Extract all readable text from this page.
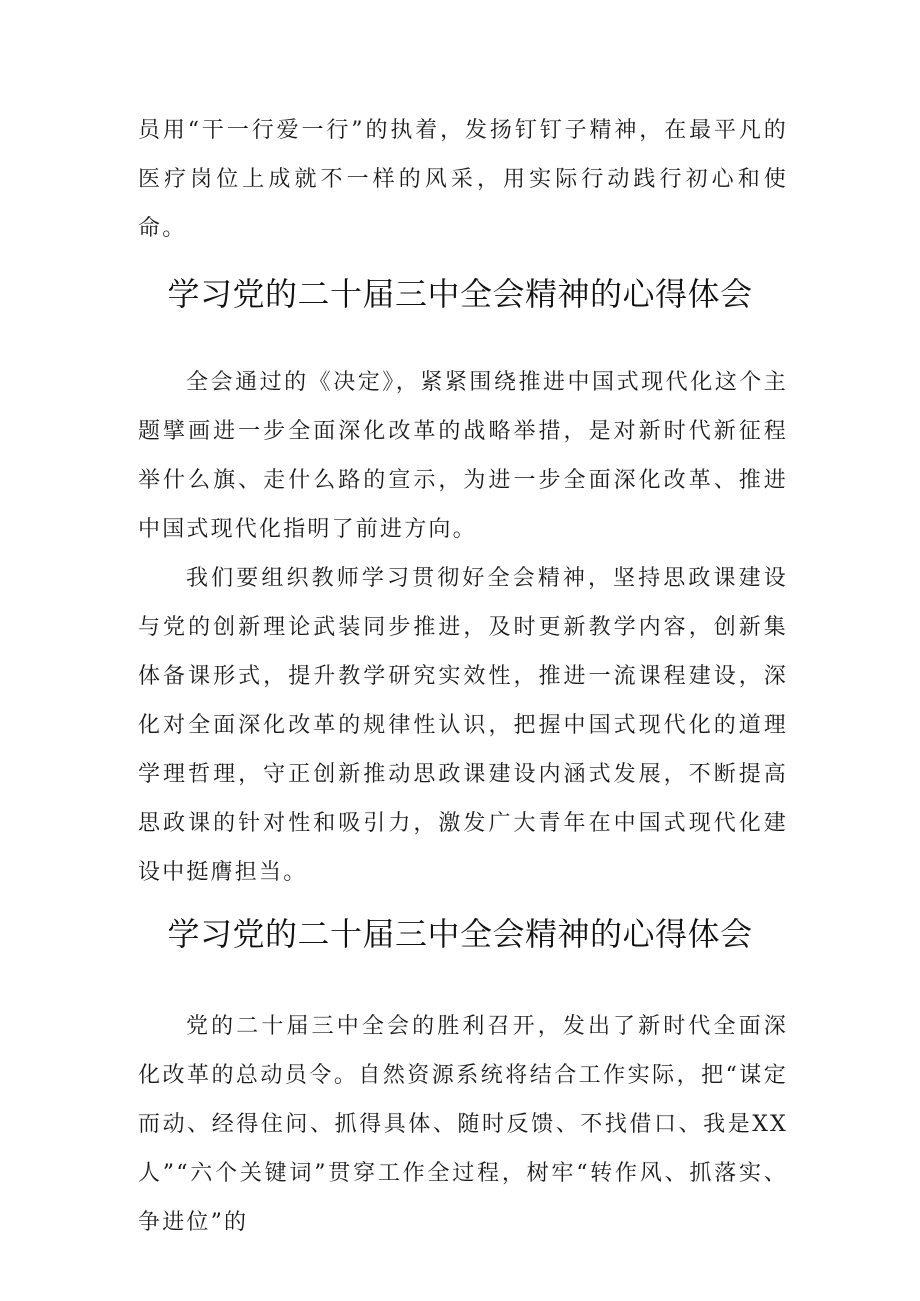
员用“干一行爱一行”的执着，发扬钉钉子精神，在最平凡的医疗岗位上成就不一样的风采，用实际行动践行初心和使命。

学习党的二十届三中全会精神的心得体会

全会通过的《决定》，紧紧围绕推进中国式现代化这个主题擘画进一步全面深化改革的战略举措，是对新时代新征程举什么旗、走什么路的宣示，为进一步全面深化改革、推进中国式现代化指明了前进方向。

我们要组织教师学习贯彻好全会精神，坚持思政课建设与党的创新理论武装同步推进，及时更新教学内容，创新集体备课形式，提升教学研究实效性，推进一流课程建设，深化对全面深化改革的规律性认识，把握中国式现代化的道理学理哲理，守正创新推动思政课建设内涵式发展，不断提高思政课的针对性和吸引力，激发广大青年在中国式现代化建设中挺膺担当。

学习党的二十届三中全会精神的心得体会

党的二十届三中全会的胜利召开，发出了新时代全面深化改革的总动员令。自然资源系统将结合工作实际，把“谋定而动、经得住问、抓得具体、随时反馈、不找借口、我是XX人”“六个关键词”贯穿工作全过程，树牢“转作风、抓落实、争进位”的
